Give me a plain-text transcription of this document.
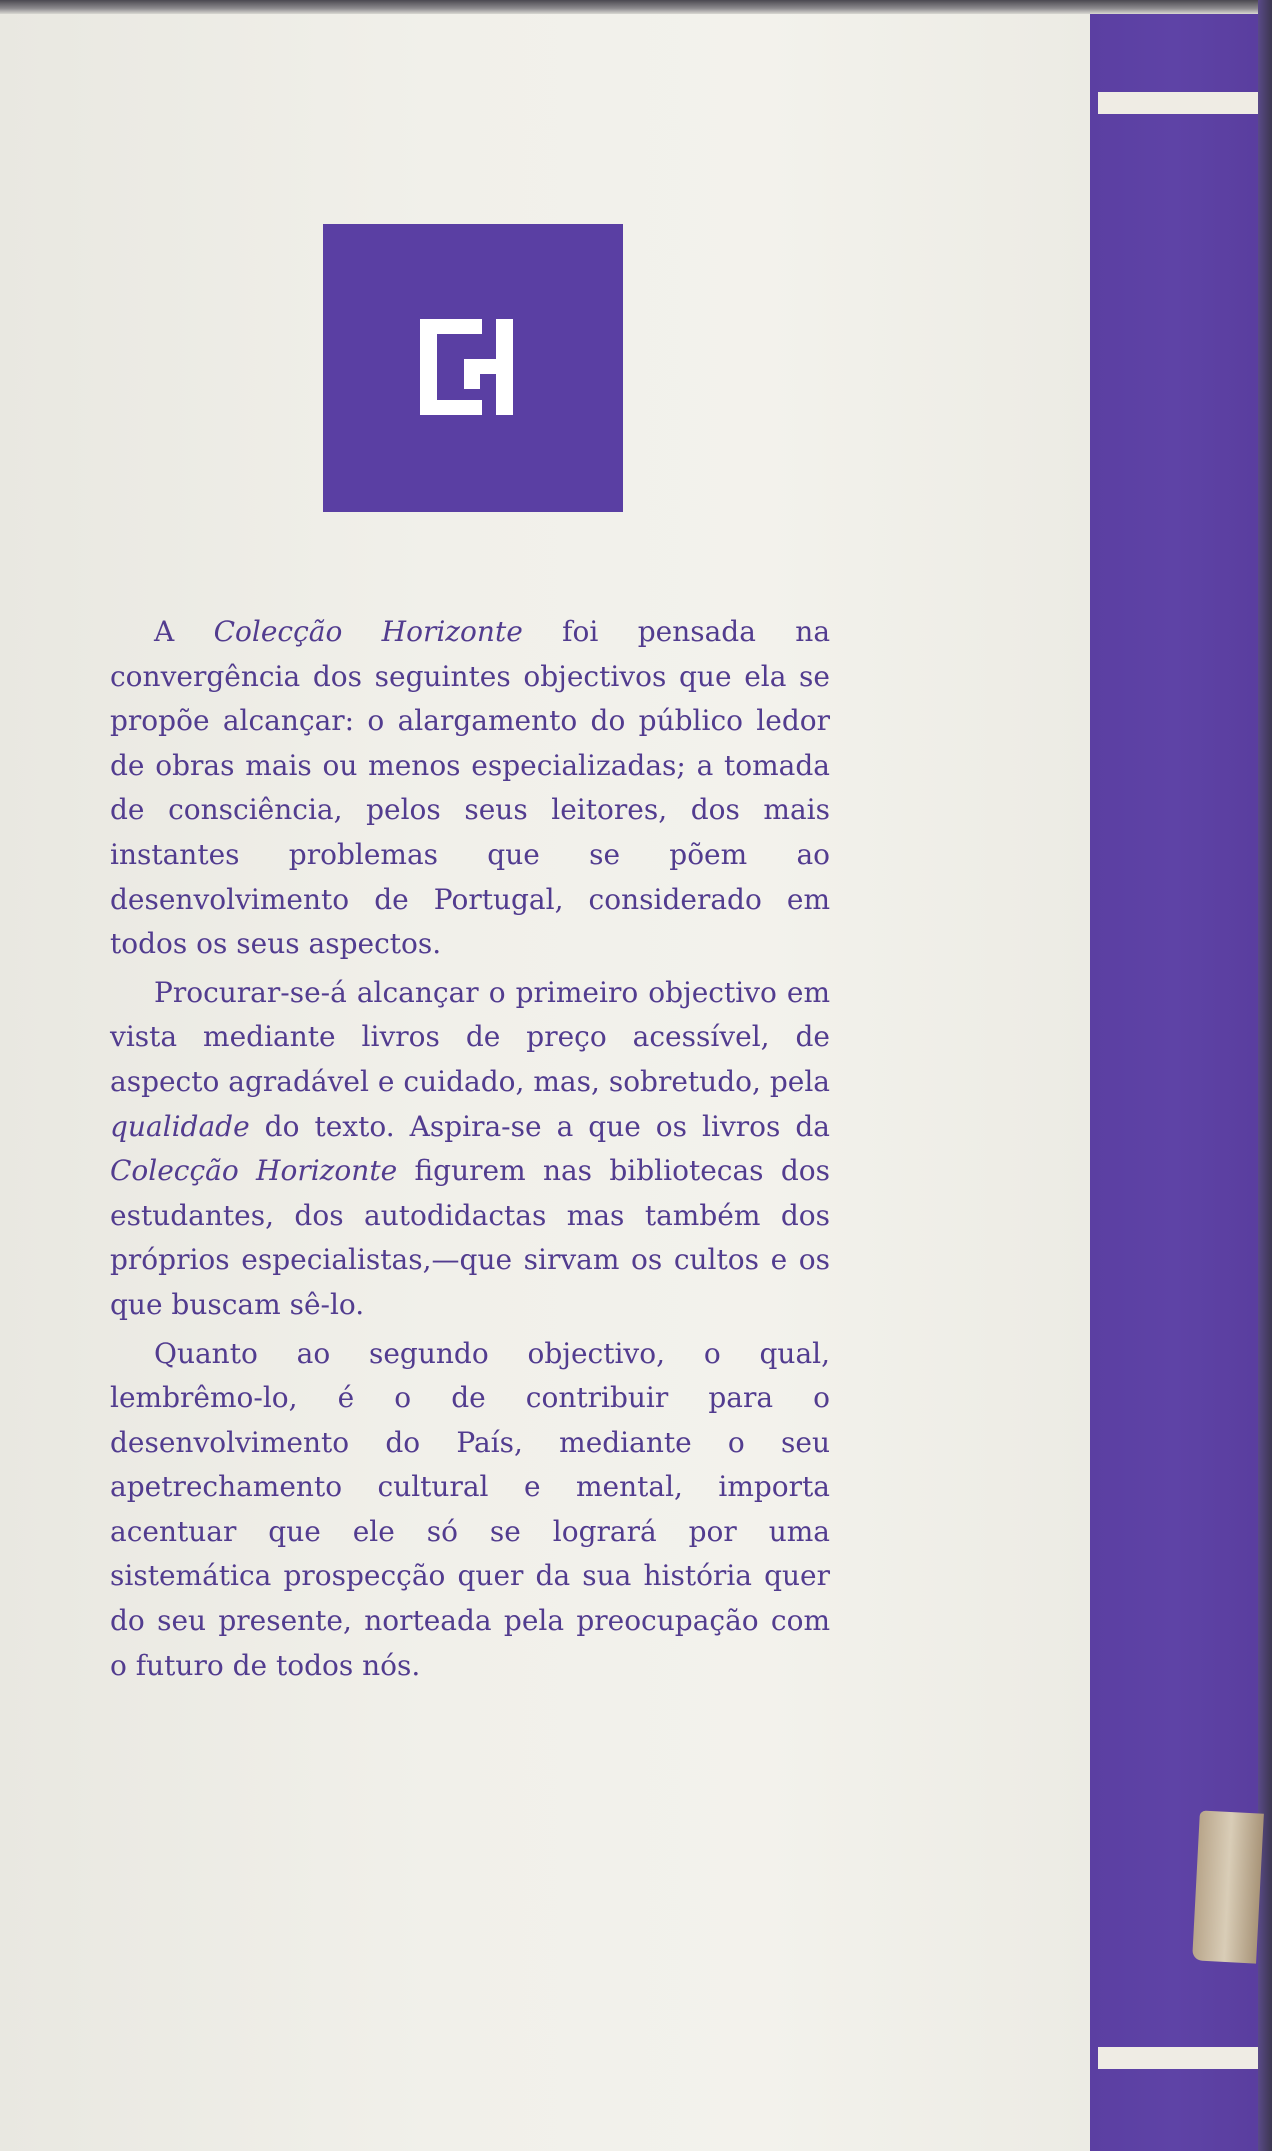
A Colecção Horizonte foi pensada na convergência dos seguintes objectivos que ela se propõe alcançar: o alargamento do público ledor de obras mais ou menos especializadas; a tomada de consciência, pelos seus leitores, dos mais instantes problemas que se põem ao desenvolvimento de Portugal, considerado em todos os seus aspectos.

Procurar-se-á alcançar o primeiro objectivo em vista mediante livros de preço acessível, de aspecto agradável e cuidado, mas, sobretudo, pela qualidade do texto. Aspira-se a que os livros da Colecção Horizonte figurem nas bibliotecas dos estudantes, dos autodidactas mas também dos próprios especialistas,—que sirvam os cultos e os que buscam sê-lo.

Quanto ao segundo objectivo, o qual, lembrêmo-lo, é o de contribuir para o desenvolvimento do País, mediante o seu apetrechamento cultural e mental, importa acentuar que ele só se logrará por uma sistemática prospecção quer da sua história quer do seu presente, norteada pela preocupação com o futuro de todos nós.
